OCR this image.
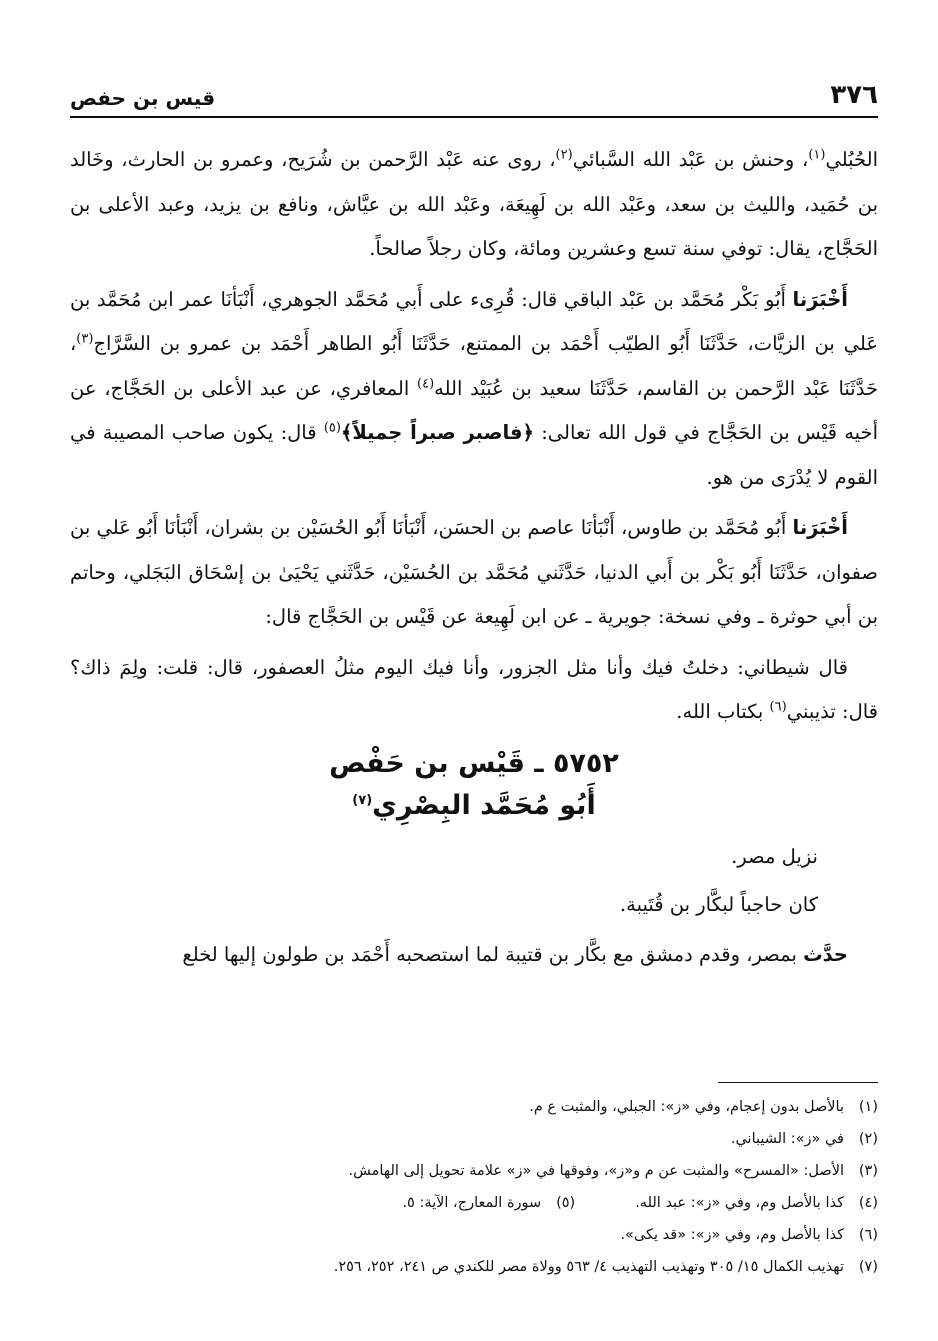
٣٧٦
قيس بن حفص

الحُبُلي$^{(١)}$، وحنش بن عَبْد الله السَّبائي$^{(٢)}$، روى عنه عَبْد الرَّحمن بن شُرَيح، وعمرو بن الحارث، وخَالد بن حُمَيد، والليث بن سعد، وعَبْد الله بن لَهِيعَة، وعَبْد الله بن عيَّاش، ونافع بن يزيد، وعبد الأعلى بن الحَجَّاج، يقال: توفي سنة تسع وعشرين ومائة، وكان رجلاً صالحاً.

أَخْبَرَنا أَبُو بَكْر مُحَمَّد بن عَبْد الباقي قال: قُرِىء على أَبي مُحَمَّد الجوهري، أَنْبَأنَا عمر ابن مُحَمَّد بن عَلي بن الزيَّات، حَدَّثَنَا أَبُو الطيّب أَحْمَد بن الممتنع، حَدَّثَنَا أَبُو الطاهر أَحْمَد بن عمرو بن السَّرَّاج$^{(٣)}$، حَدَّثَنَا عَبْد الرَّحمن بن القاسم، حَدَّثَنَا سعيد بن عُبَيْد الله$^{(٤)}$ المعافري، عن عبد الأعلى بن الحَجَّاج، عن أخيه قَيْس بن الحَجَّاج في قول الله تعالى: ﴿فاصبر صبراً جميلاً﴾$^{(٥)}$ قال: يكون صاحب المصيبة في القوم لا يُدْرَى من هو.

أَخْبَرَنا أَبُو مُحَمَّد بن طاوس، أَنْبَأنَا عاصم بن الحسَن، أَنْبَأنَا أَبُو الحُسَيْن بن بشران، أَنْبَأنَا أَبُو عَلي بن صفوان، حَدَّثَنَا أَبُو بَكْر بن أَبي الدنيا، حَدَّثَني مُحَمَّد بن الحُسَيْن، حَدَّثَني يَحْيَىٰ بن إسْحَاق البَجَلي، وحاتم بن أبي حوثرة ـ وفي نسخة: جويرية ـ عن ابن لَهِيعة عن قَيْس بن الحَجَّاج قال:

قال شيطاني: دخلتُ فيك وأنا مثل الجزور، وأنا فيك اليوم مثلُ العصفور، قال: قلت: ولِمَ ذاك؟ قال: تذيبني$^{(٦)}$ بكتاب الله.

٥٧٥٢ ـ قَيْس بن حَفْص
أَبُو مُحَمَّد البِصْرِي$^{(٧)}$

نزيل مصر.

كان حاجباً لبكَّار بن قُتَيبة.

حدَّث بمصر، وقدم دمشق مع بكَّار بن قتيبة لما استصحبه أَحْمَد بن طولون إليها لخلع

(١)بالأصل بدون إعجام، وفي «ز»: الجبلي، والمثبت ع م.
(٢)في «ز»: الشيباني.
(٣)الأصل: «المسرح» والمثبت عن م و«ز»، وفوقها في «ز» علامة تحويل إلى الهامش.
(٤)كذا بالأصل وم، وفي «ز»: عبد الله.
(٥)سورة المعارج، الآية: ٥.
(٦)كذا بالأصل وم، وفي «ز»: «قد يكى».
(٧)تهذيب الكمال ١٥/ ٣٠٥ وتهذيب التهذيب ٤/ ٥٦٣ وولاة مصر للكندي ص ٢٤١، ٢٥٢، ٢٥٦.
